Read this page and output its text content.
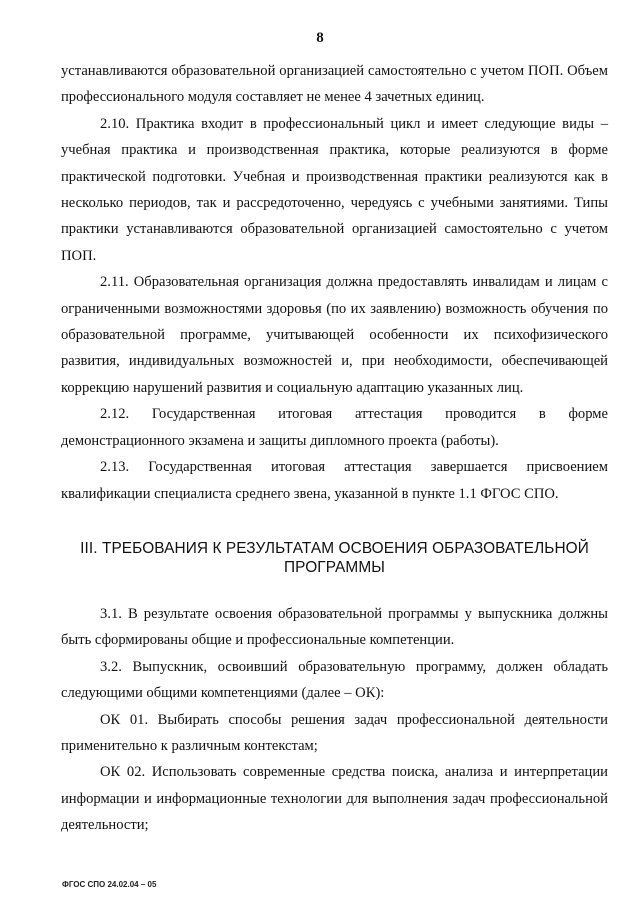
8

устанавливаются образовательной организацией самостоятельно с учетом ПОП. Объем профессионального модуля составляет не менее 4 зачетных единиц.

2.10. Практика входит в профессиональный цикл и имеет следующие виды – учебная практика и производственная практика, которые реализуются в форме практической подготовки. Учебная и производственная практики реализуются как в несколько периодов, так и рассредоточенно, чередуясь с учебными занятиями. Типы практики устанавливаются образовательной организацией самостоятельно с учетом ПОП.

2.11. Образовательная организация должна предоставлять инвалидам и лицам с ограниченными возможностями здоровья (по их заявлению) возможность обучения по образовательной программе, учитывающей особенности их психофизического развития, индивидуальных возможностей и, при необходимости, обеспечивающей коррекцию нарушений развития и социальную адаптацию указанных лиц.

2.12. Государственная итоговая аттестация проводится в форме демонстрационного экзамена и защиты дипломного проекта (работы).

2.13. Государственная итоговая аттестация завершается присвоением квалификации специалиста среднего звена, указанной в пункте 1.1 ФГОС СПО.

III. ТРЕБОВАНИЯ К РЕЗУЛЬТАТАМ ОСВОЕНИЯ ОБРАЗОВАТЕЛЬНОЙ ПРОГРАММЫ

3.1. В результате освоения образовательной программы у выпускника должны быть сформированы общие и профессиональные компетенции.

3.2. Выпускник, освоивший образовательную программу, должен обладать следующими общими компетенциями (далее – ОК):

ОК 01. Выбирать способы решения задач профессиональной деятельности применительно к различным контекстам;

ОК 02. Использовать современные средства поиска, анализа и интерпретации информации и информационные технологии для выполнения задач профессиональной деятельности;

ФГОС СПО 24.02.04 – 05
